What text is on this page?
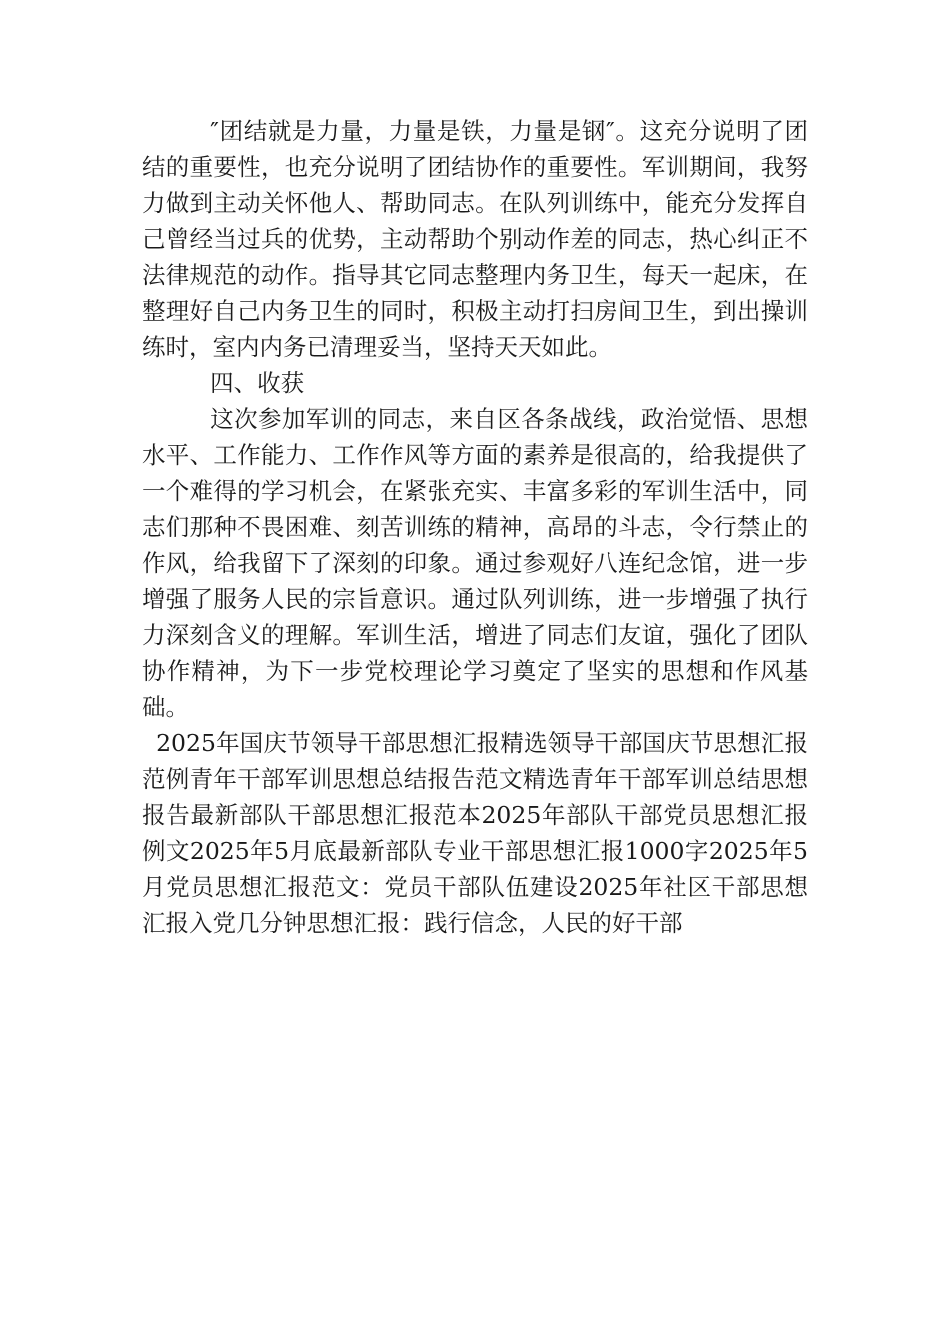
″团结就是力量，力量是铁，力量是钢″。这充分说明了团结的重要性，也充分说明了团结协作的重要性。军训期间，我努力做到主动关怀他人、帮助同志。在队列训练中，能充分发挥自己曾经当过兵的优势，主动帮助个别动作差的同志，热心纠正不法律规范的动作。指导其它同志整理内务卫生，每天一起床，在整理好自己内务卫生的同时，积极主动打扫房间卫生，到出操训练时，室内内务已清理妥当，坚持天天如此。

四、收获

这次参加军训的同志，来自区各条战线，政治觉悟、思想水平、工作能力、工作作风等方面的素养是很高的，给我提供了一个难得的学习机会，在紧张充实、丰富多彩的军训生活中，同志们那种不畏困难、刻苦训练的精神，高昂的斗志，令行禁止的作风，给我留下了深刻的印象。通过参观好八连纪念馆，进一步增强了服务人民的宗旨意识。通过队列训练，进一步增强了执行力深刻含义的理解。军训生活，增进了同志们友谊，强化了团队协作精神，为下一步党校理论学习奠定了坚实的思想和作风基础。

2025年国庆节领导干部思想汇报精选领导干部国庆节思想汇报范例青年干部军训思想总结报告范文精选青年干部军训总结思想报告最新部队干部思想汇报范本2025年部队干部党员思想汇报例文2025年5月底最新部队专业干部思想汇报1000字2025年5月党员思想汇报范文：党员干部队伍建设2025年社区干部思想汇报入党几分钟思想汇报：践行信念，人民的好干部
